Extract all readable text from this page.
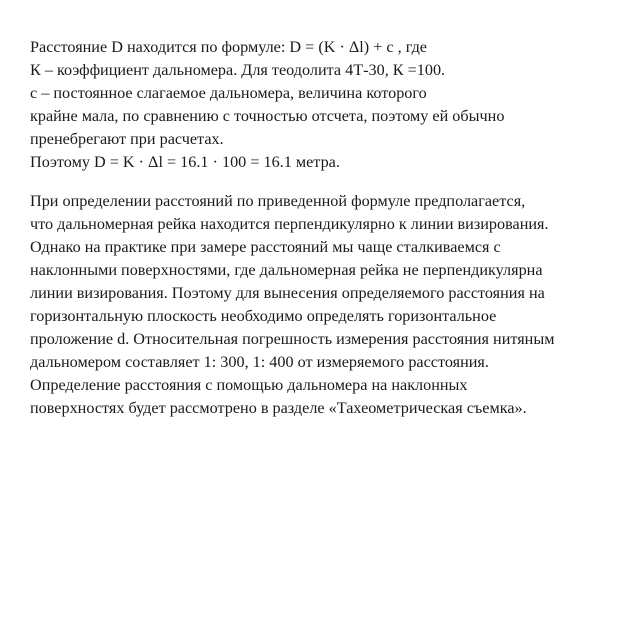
Расстояние D находится по формуле: D = (K · Δl) + c , где
К – коэффициент дальномера. Для теодолита 4Т-30, К =100.
c – постоянное слагаемое дальномера, величина которого
крайне мала, по сравнению с точностью отсчета, поэтому ей обычно
пренебрегают при расчетах.
Поэтому D = K · Δl = 16.1 · 100 = 16.1 метра.
При определении расстояний по приведенной формуле предполагается,
что дальномерная рейка находится перпендикулярно к линии визирования.
Однако на практике при замере расстояний мы чаще сталкиваемся с
наклонными поверхностями, где дальномерная рейка не перпендикулярна
линии визирования. Поэтому для вынесения определяемого расстояния на
горизонтальную плоскость необходимо определять горизонтальное
проложение d. Относительная погрешность измерения расстояния нитяным
дальномером составляет 1: 300, 1: 400 от измеряемого расстояния.
Определение расстояния с помощью дальномера на наклонных
поверхностях будет рассмотрено в разделе «Тахеометрическая съемка».
